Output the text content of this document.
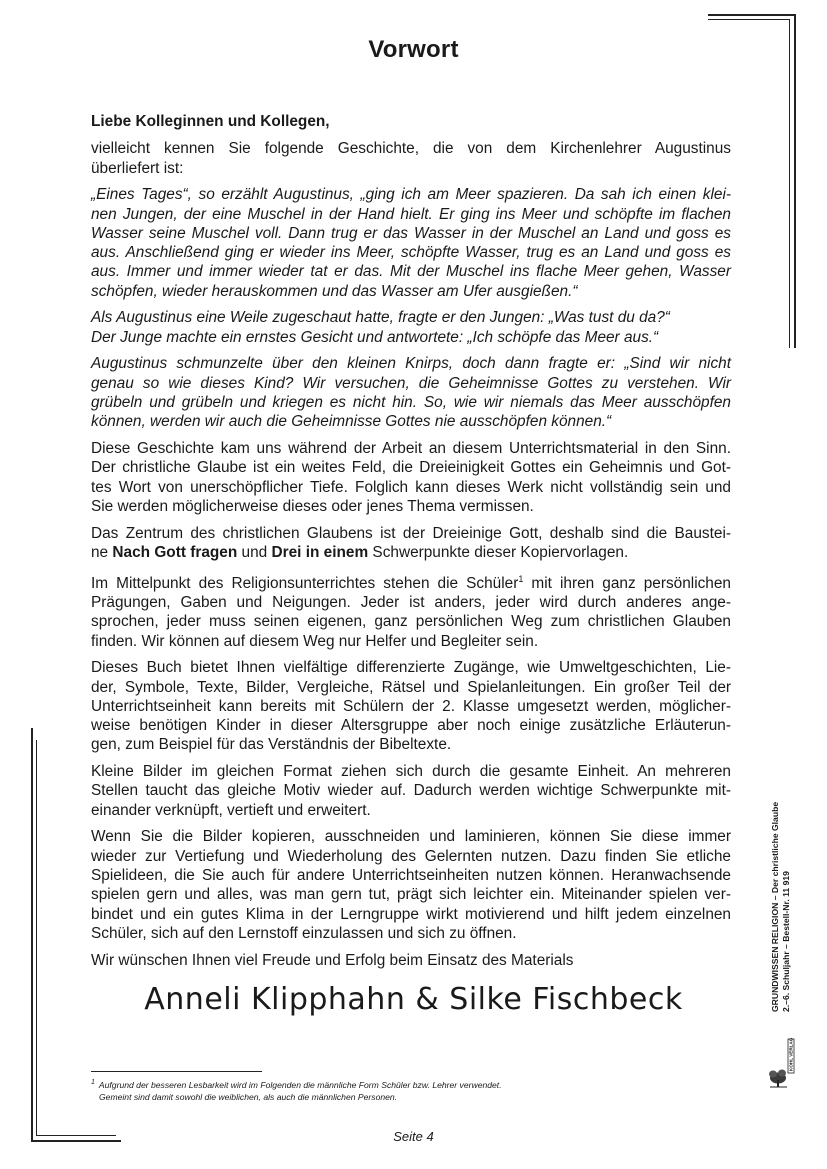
Vorwort

Liebe Kolleginnen und Kollegen,

vielleicht kennen Sie folgende Geschichte, die von dem Kirchenlehrer Augustinus
überliefert ist:

„Eines Tages“, so erzählt Augustinus, „ging ich am Meer spazieren. Da sah ich einen klei-
nen Jungen, der eine Muschel in der Hand hielt. Er ging ins Meer und schöpfte im flachen
Wasser seine Muschel voll. Dann trug er das Wasser in der Muschel an Land und goss es
aus. Anschließend ging er wieder ins Meer, schöpfte Wasser, trug es an Land und goss es
aus. Immer und immer wieder tat er das. Mit der Muschel ins flache Meer gehen, Wasser
schöpfen, wieder herauskommen und das Wasser am Ufer ausgießen.“

Als Augustinus eine Weile zugeschaut hatte, fragte er den Jungen: „Was tust du da?“
Der Junge machte ein ernstes Gesicht und antwortete: „Ich schöpfe das Meer aus.“

Augustinus schmunzelte über den kleinen Knirps, doch dann fragte er: „Sind wir nicht
genau so wie dieses Kind? Wir versuchen, die Geheimnisse Gottes zu verstehen. Wir
grübeln und grübeln und kriegen es nicht hin. So, wie wir niemals das Meer ausschöpfen
können, werden wir auch die Geheimnisse Gottes nie ausschöpfen können.“

Diese Geschichte kam uns während der Arbeit an diesem Unterrichtsmaterial in den Sinn.
Der christliche Glaube ist ein weites Feld, die Dreieinigkeit Gottes ein Geheimnis und Got-
tes Wort von unerschöpflicher Tiefe. Folglich kann dieses Werk nicht vollständig sein und
Sie werden möglicherweise dieses oder jenes Thema vermissen.

Das Zentrum des christlichen Glaubens ist der Dreieinige Gott, deshalb sind die Baustei-
ne Nach Gott fragen und Drei in einem Schwerpunkte dieser Kopiervorlagen.

Im Mittelpunkt des Religionsunterrichtes stehen die Schüler$^1$ mit ihren ganz persönlichen
Prägungen, Gaben und Neigungen. Jeder ist anders, jeder wird durch anderes ange-
sprochen, jeder muss seinen eigenen, ganz persönlichen Weg zum christlichen Glauben
finden. Wir können auf diesem Weg nur Helfer und Begleiter sein.

Dieses Buch bietet Ihnen vielfältige differenzierte Zugänge, wie Umweltgeschichten, Lie-
der, Symbole, Texte, Bilder, Vergleiche, Rätsel und Spielanleitungen. Ein großer Teil der
Unterrichtseinheit kann bereits mit Schülern der 2. Klasse umgesetzt werden, möglicher-
weise benötigen Kinder in dieser Altersgruppe aber noch einige zusätzliche Erläuterun-
gen, zum Beispiel für das Verständnis der Bibeltexte.

Kleine Bilder im gleichen Format ziehen sich durch die gesamte Einheit. An mehreren
Stellen taucht das gleiche Motiv wieder auf. Dadurch werden wichtige Schwerpunkte mit-
einander verknüpft, vertieft und erweitert.

Wenn Sie die Bilder kopieren, ausschneiden und laminieren, können Sie diese immer
wieder zur Vertiefung und Wiederholung des Gelernten nutzen. Dazu finden Sie etliche
Spielideen, die Sie auch für andere Unterrichtseinheiten nutzen können. Heranwachsende
spielen gern und alles, was man gern tut, prägt sich leichter ein. Miteinander spielen ver-
bindet und ein gutes Klima in der Lerngruppe wirkt motivierend und hilft jedem einzelnen
Schüler, sich auf den Lernstoff einzulassen und sich zu öffnen.

Wir wünschen Ihnen viel Freude und Erfolg beim Einsatz des Materials

Anneli Klipphahn & Silke Fischbeck
$^1$ Aufgrund der besseren Lesbarkeit wird im Folgenden die männliche Form Schüler bzw. Lehrer verwendet.
Gemeint sind damit sowohl die weiblichen, als auch die männlichen Personen.
GRUNDWISSEN RELIGION – Der christliche Glaube 2.–6. Schuljahr – Bestell-Nr. 11 919
KOHL VERLAG
Seite 4
